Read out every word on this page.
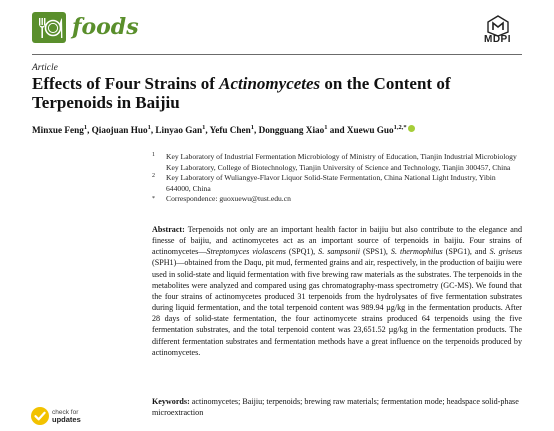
foods	MDPI
Article
Effects of Four Strains of Actinomycetes on the Content of Terpenoids in Baijiu
Minxue Feng$^1$, Qiaojuan Huo$^1$, Linyao Gan$^1$, Yefu Chen$^1$, Dongguang Xiao$^1$ and Xuewu Guo$^{1,2,*}$
1 Key Laboratory of Industrial Fermentation Microbiology of Ministry of Education, Tianjin Industrial Microbiology Key Laboratory, College of Biotechnology, Tianjin University of Science and Technology, Tianjin 300457, China
2 Key Laboratory of Wuliangye-Flavor Liquor Solid-State Fermentation, China National Light Industry, Yibin 644000, China
* Correspondence: guoxuewu@tust.edu.cn

Abstract: Terpenoids not only are an important health factor in baijiu but also contribute to the elegance and finesse of baijiu, and actinomycetes act as an important source of terpenoids in baijiu. Four strains of actinomycetes—Streptomyces violascens (SPQ1), S. sampsonii (SPS1), S. thermophilus (SPG1), and S. griseus (SPH1)—obtained from the Daqu, pit mud, fermented grains and air, respectively, in the production of baijiu were used in solid-state and liquid fermentation with five brewing raw materials as the substrates. The terpenoids in the metabolites were analyzed and compared using gas chromatography-mass spectrometry (GC-MS). We found that the four strains of actinomycetes produced 31 terpenoids from the hydrolysates of five fermentation substrates during liquid fermentation, and the total terpenoid content was 989.94 µg/kg in the fermentation products. After 28 days of solid-state fermentation, the four actinomycete strains produced 64 terpenoids using the five fermentation substrates, and the total terpenoid content was 23,651.52 µg/kg in the fermentation products. The different fermentation substrates and fermentation methods have a great influence on the terpenoids produced by actinomycetes.

Keywords: actinomycetes; Baijiu; terpenoids; brewing raw materials; fermentation mode; headspace solid-phase microextraction

check for
updates
